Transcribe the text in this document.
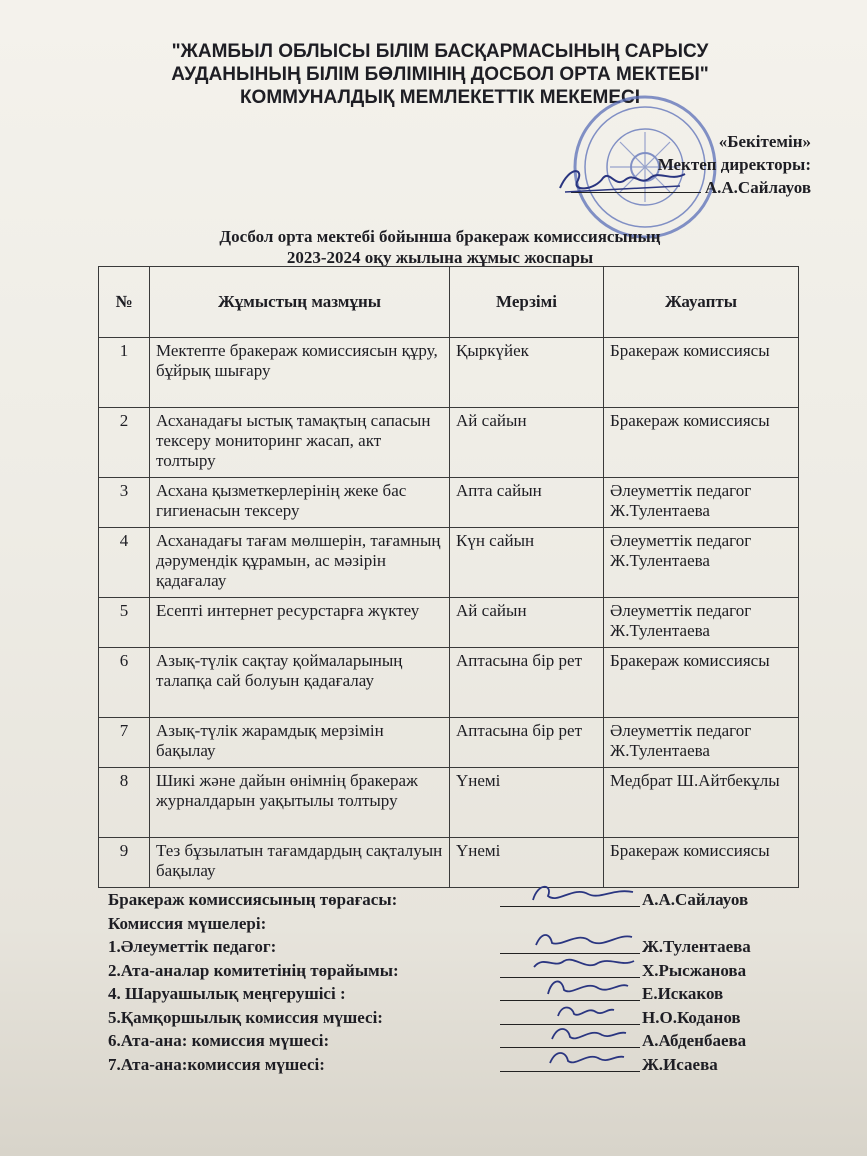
"ЖАМБЫЛ ОБЛЫСЫ БІЛІМ БАСҚАРМАСЫНЫҢ САРЫСУ
АУДАНЫНЫҢ БІЛІМ БӨЛІМІНІҢ ДОСБОЛ ОРТА МЕКТЕБІ"
КОММУНАЛДЫҚ МЕМЛЕКЕТТІК МЕКЕМЕСІ
«Бекітемін»
Мектеп директоры:
А.А.Сайлауов
Досбол орта мектебі бойынша бракераж комиссиясының
2023-2024 оқу жылына жұмыс жоспары
№	Жұмыстың мазмұны	Мерзімі	Жауапты
1	Мектепте бракераж комиссиясын құру, бұйрық шығару	Қыркүйек	Бракераж комиссиясы
2	Асханадағы ыстық тамақтың сапасын тексеру мониторинг жасап, акт толтыру	Ай сайын	Бракераж комиссиясы
3	Асхана қызметкерлерінің жеке бас гигиенасын тексеру	Апта сайын	Әлеуметтік педагог Ж.Тулентаева
4	Асханадағы тағам мөлшерін, тағамның дәрумендік құрамын, ас мәзірін қадағалау	Күн сайын	Әлеуметтік педагог Ж.Тулентаева
5	Есепті интернет ресурстарға жүктеу	Ай сайын	Әлеуметтік педагог Ж.Тулентаева
6	Азық-түлік сақтау қоймаларының талапқа сай болуын қадағалау	Аптасына бір рет	Бракераж комиссиясы
7	Азық-түлік жарамдық мерзімін бақылау	Аптасына бір рет	Әлеуметтік педагог Ж.Тулентаева
8	Шикі және дайын өнімнің бракераж журналдарын уақытылы толтыру	Үнемі	Медбрат Ш.Айтбекұлы
9	Тез бұзылатын тағамдардың сақталуын бақылау	Үнемі	Бракераж комиссиясы
Бракераж комиссиясының төрағасы:	А.А.Сайлауов
Комиссия мүшелері:
1.Әлеуметтік педагог:	Ж.Тулентаева
2.Ата-аналар комитетінің төрайымы:	Х.Рысжанова
4. Шаруашылық меңгерушісі :	Е.Искаков
5.Қамқоршылық комиссия мүшесі:	Н.О.Коданов
6.Ата-ана: комиссия мүшесі:	А.Абденбаева
7.Ата-ана:комиссия мүшесі:	Ж.Исаева
